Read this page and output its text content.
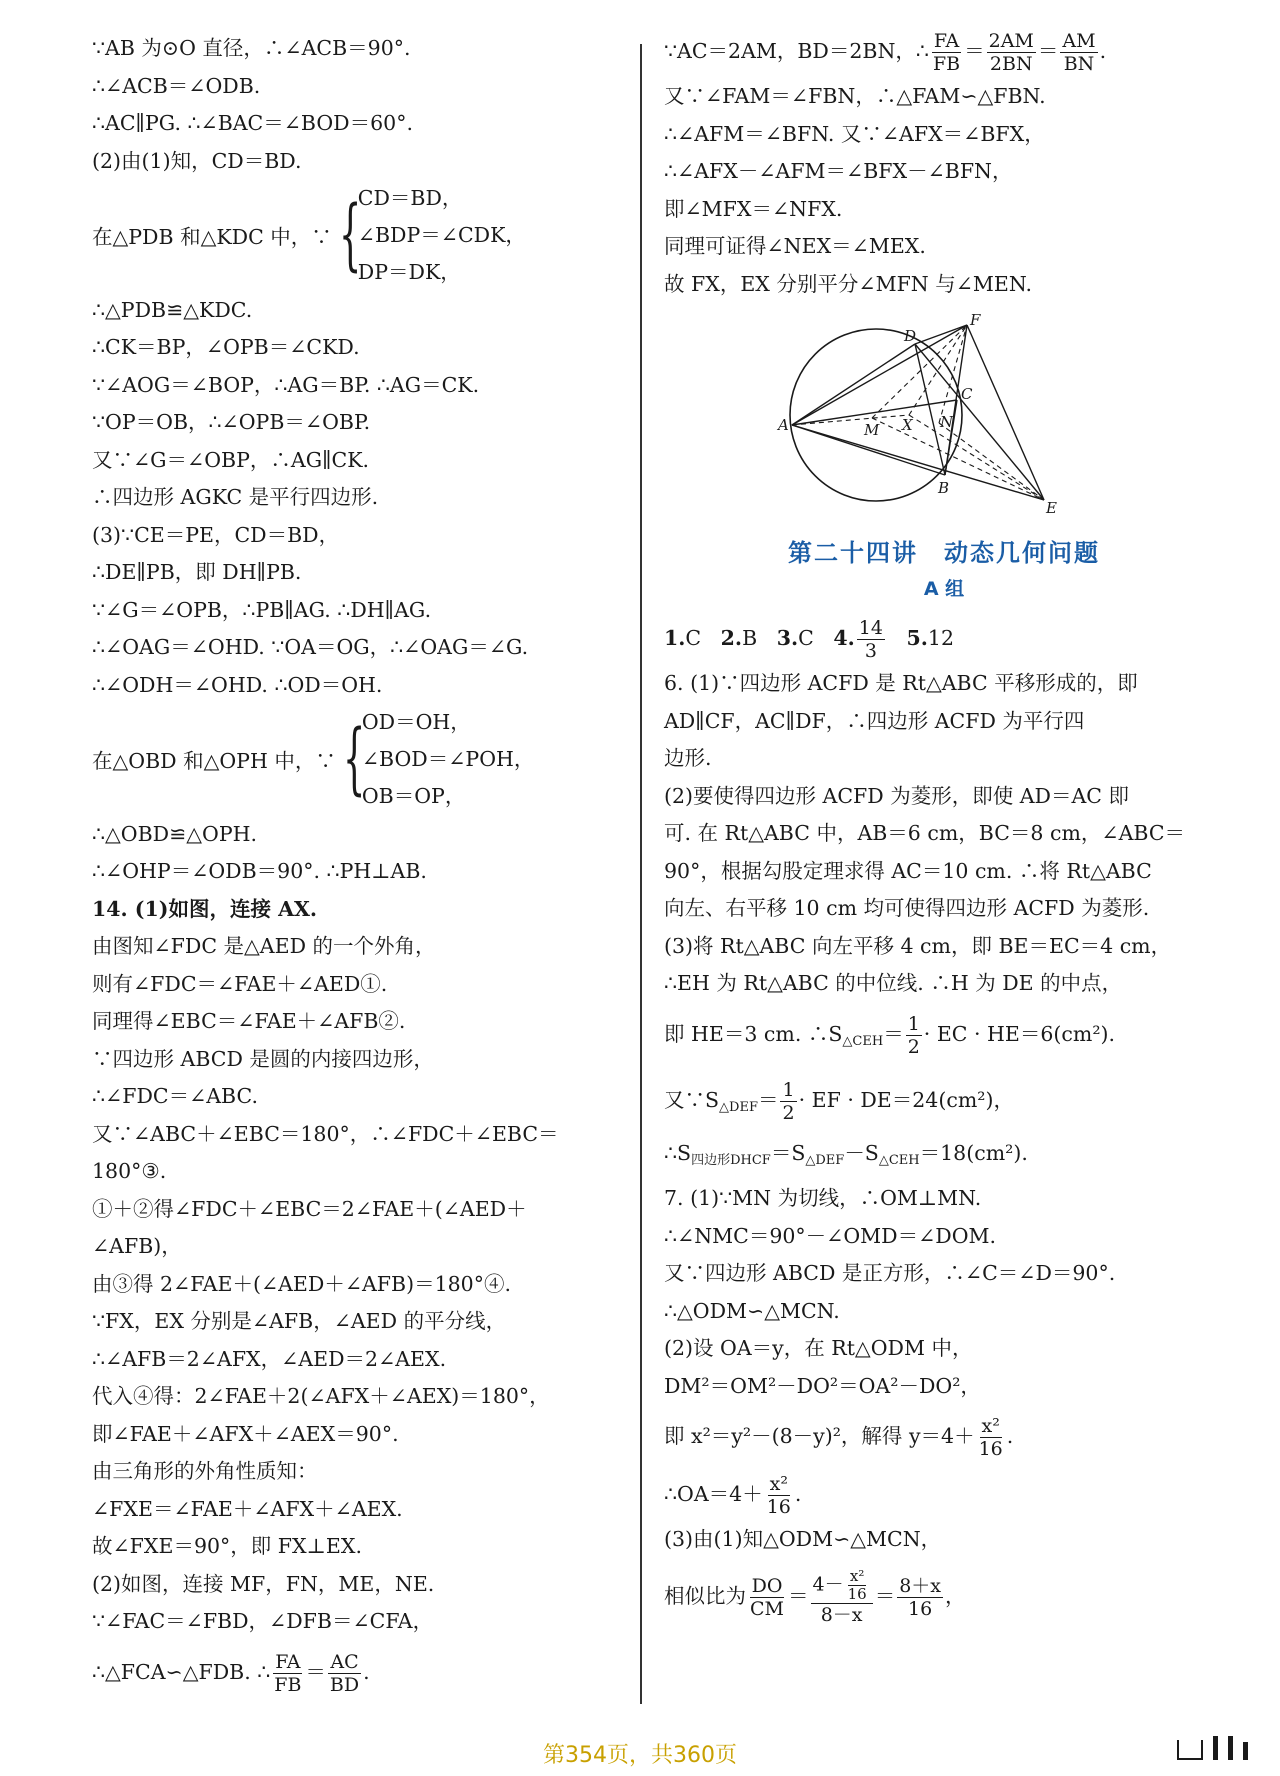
∵AB 为⊙O 直径，∴∠ACB＝90°.
∴∠ACB＝∠ODB.
∴AC∥PG. ∴∠BAC＝∠BOD＝60°.
(2)由(1)知，CD＝BD.
在△PDB 和△KDC 中，∵ {
CD＝BD，
∠BDP＝∠CDK，
DP＝DK，
∴△PDB≌△KDC.
∴CK＝BP，∠OPB＝∠CKD.
∵∠AOG＝∠BOP，∴AG＝BP. ∴AG＝CK.
∵OP＝OB，∴∠OPB＝∠OBP.
又∵∠G＝∠OBP，∴AG∥CK.
∴四边形 AGKC 是平行四边形.
(3)∵CE＝PE，CD＝BD，
∴DE∥PB，即 DH∥PB.
∵∠G＝∠OPB，∴PB∥AG. ∴DH∥AG.
∴∠OAG＝∠OHD. ∵OA＝OG，∴∠OAG＝∠G.
∴∠ODH＝∠OHD. ∴OD＝OH.
在△OBD 和△OPH 中，∵ {
OD＝OH，
∠BOD＝∠POH，
OB＝OP，
∴△OBD≌△OPH.
∴∠OHP＝∠ODB＝90°. ∴PH⊥AB.
14. (1)如图，连接 AX.
由图知∠FDC 是△AED 的一个外角，
则有∠FDC＝∠FAE＋∠AED①.
同理得∠EBC＝∠FAE＋∠AFB②.
∵四边形 ABCD 是圆的内接四边形，
∴∠FDC＝∠ABC.
又∵∠ABC＋∠EBC＝180°，∴∠FDC＋∠EBC＝
180°③.
①＋②得∠FDC＋∠EBC＝2∠FAE＋(∠AED＋
∠AFB)，
由③得 2∠FAE＋(∠AED＋∠AFB)＝180°④.
∵FX，EX 分别是∠AFB，∠AED 的平分线，
∴∠AFB＝2∠AFX，∠AED＝2∠AEX.
代入④得：2∠FAE＋2(∠AFX＋∠AEX)＝180°，
即∠FAE＋∠AFX＋∠AEX＝90°.
由三角形的外角性质知：
∠FXE＝∠FAE＋∠AFX＋∠AEX.
故∠FXE＝90°，即 FX⊥EX.
(2)如图，连接 MF，FN，ME，NE.
∵∠FAC＝∠FBD，∠DFB＝∠CFA，
∴△FCA∽△FDB. ∴ $\frac{FA}{FB} = \frac{AC}{BD}$ .
∵AC＝2AM，BD＝2BN，∴ $\frac{FA}{FB} = \frac{2AM}{2BN} = \frac{AM}{BN}$ .
又∵∠FAM＝∠FBN，∴△FAM∽△FBN.
∴∠AFM＝∠BFN. 又∵∠AFX＝∠BFX，
∴∠AFX－∠AFM＝∠BFX－∠BFN，
即∠MFX＝∠NFX.
同理可证得∠NEX＝∠MEX.
故 FX，EX 分别平分∠MFN 与∠MEN.
A
B
C
D
E
F
M	N
X
第二十四讲　动态几何问题
A 组
1.C 2.B 3.C 4. $\frac{14}{3} 5.12$
6. (1)∵四边形 ACFD 是 Rt△ABC 平移形成的，即
AD∥CF，AC∥DF，∴四边形 ACFD 为平行四
边形.
(2)要使得四边形 ACFD 为菱形，即使 AD＝AC 即
可. 在 Rt△ABC 中，AB＝6 cm，BC＝8 cm，∠ABC＝
90°，根据勾股定理求得 AC＝10 cm. ∴将 Rt△ABC
向左、右平移 10 cm 均可使得四边形 ACFD 为菱形.
(3)将 Rt△ABC 向左平移 4 cm，即 BE＝EC＝4 cm，
∴EH 为 Rt△ABC 的中位线. ∴H 为 DE 的中点，
即 HE＝3 cm. $\therefore S_{\triangle CEH}= \frac{1}{2}$ · EC · HE＝6(cm²).
又$\because S_{\triangle DEF}= \frac{1}{2}$ · EF · DE＝24(cm²)，
$\therefore S_{四边形DHCF}=S_{\triangle DEF}-S_{\triangle CEH}=18(cm^2)$.
7. (1)∵MN 为切线，∴OM⊥MN.
∴∠NMC＝90°－∠OMD＝∠DOM.
又∵四边形 ABCD 是正方形，∴∠C＝∠D＝90°.
∴△ODM∽△MCN.
(2)设 OA＝y，在 Rt△ODM 中，
DM²＝OM²－DO²＝OA²－DO²，
即 x²＝y²－(8－y)²，解得 $y=4+ \frac{\text{x²}}{16}$ .
∴OA＝4＋ $\frac{\text{x²}}{16}$ .
(3)由(1)知△ODM∽△MCN，
相似比为 $\frac{DO}{CM} = \frac{4- \frac{\text{x²}}{16}}{8-x} = \frac{8+x}{16}$ ，
第354页，共360页
